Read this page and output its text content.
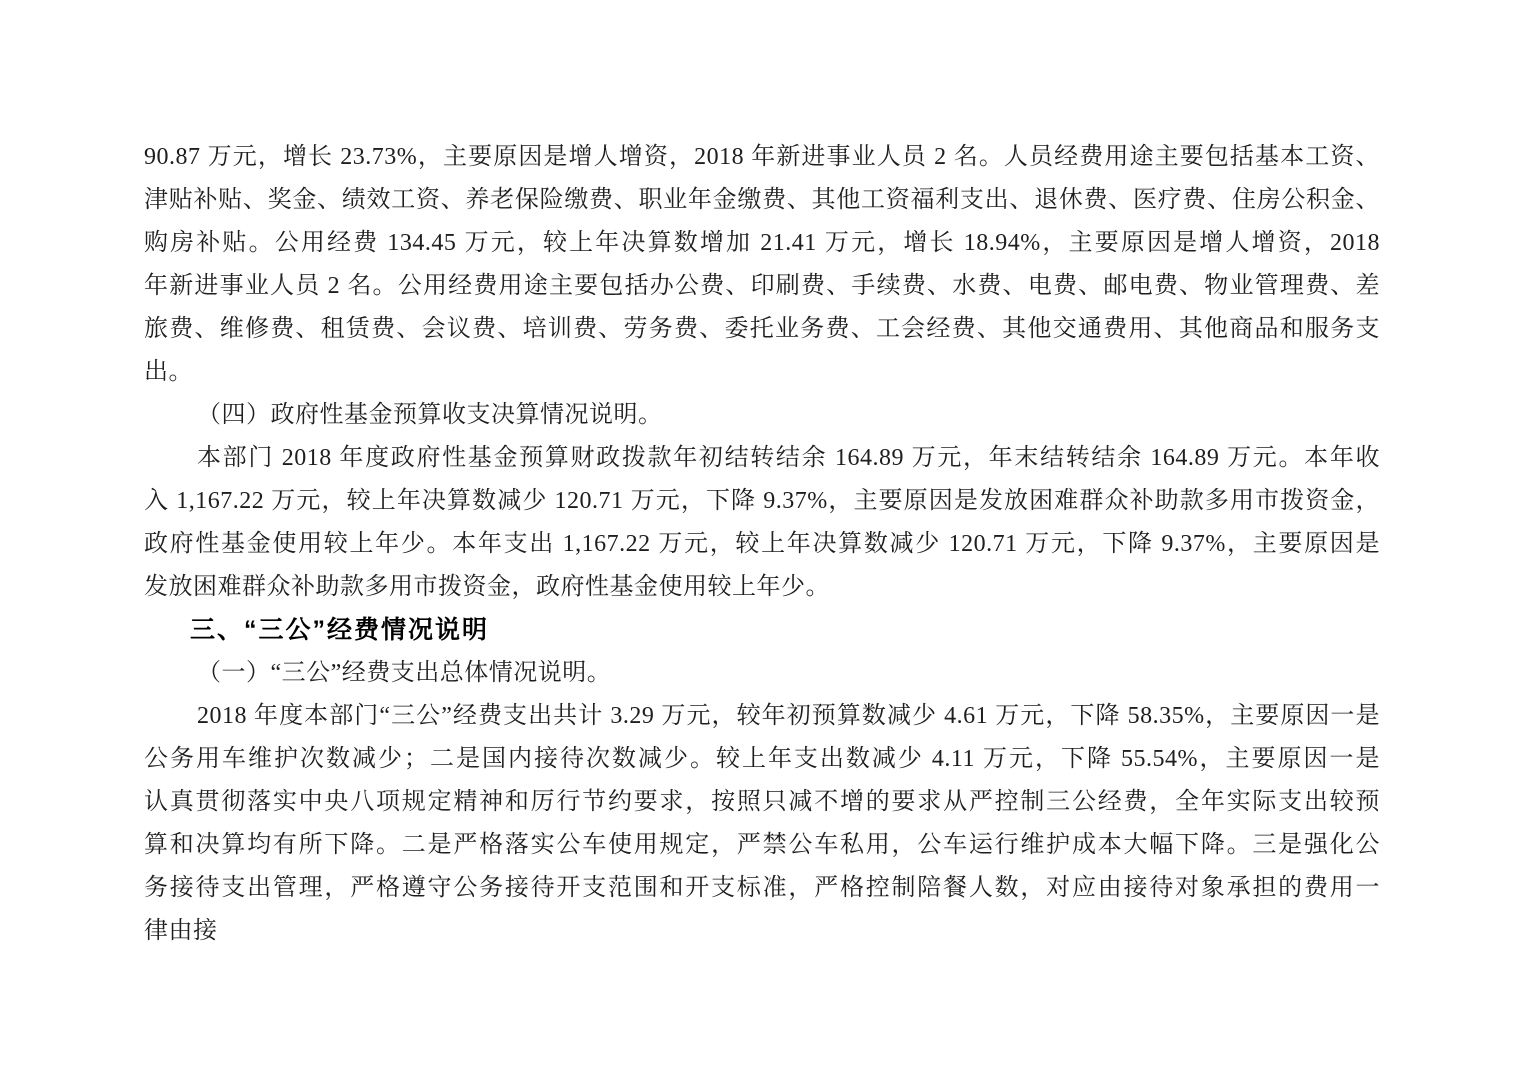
90.87 万元，增长 23.73%，主要原因是增人增资，2018 年新进事业人员 2 名。人员经费用途主要包括基本工资、
津贴补贴、奖金、绩效工资、养老保险缴费、职业年金缴费、其他工资福利支出、退休费、医疗费、住房公积金、
购房补贴。公用经费 134.45 万元，较上年决算数增加 21.41 万元，增长 18.94%，主要原因是增人增资，2018
年新进事业人员 2 名。公用经费用途主要包括办公费、印刷费、手续费、水费、电费、邮电费、物业管理费、差
旅费、维修费、租赁费、会议费、培训费、劳务费、委托业务费、工会经费、其他交通费用、其他商品和服务支
出。
（四）政府性基金预算收支决算情况说明。
本部门 2018 年度政府性基金预算财政拨款年初结转结余 164.89 万元，年末结转结余 164.89 万元。本年收
入 1,167.22 万元，较上年决算数减少 120.71 万元，下降 9.37%，主要原因是发放困难群众补助款多用市拨资金，
政府性基金使用较上年少。本年支出 1,167.22 万元，较上年决算数减少 120.71 万元，下降 9.37%，主要原因是
发放困难群众补助款多用市拨资金，政府性基金使用较上年少。
三、“三公”经费情况说明
（一）“三公”经费支出总体情况说明。
2018 年度本部门“三公”经费支出共计 3.29 万元，较年初预算数减少 4.61 万元，下降 58.35%，主要原因一是
公务用车维护次数减少；二是国内接待次数减少。较上年支出数减少 4.11 万元，下降 55.54%，主要原因一是
认真贯彻落实中央八项规定精神和厉行节约要求，按照只减不增的要求从严控制三公经费，全年实际支出较预
算和决算均有所下降。二是严格落实公车使用规定，严禁公车私用，公车运行维护成本大幅下降。三是强化公
务接待支出管理，严格遵守公务接待开支范围和开支标准，严格控制陪餐人数，对应由接待对象承担的费用一
律由接
